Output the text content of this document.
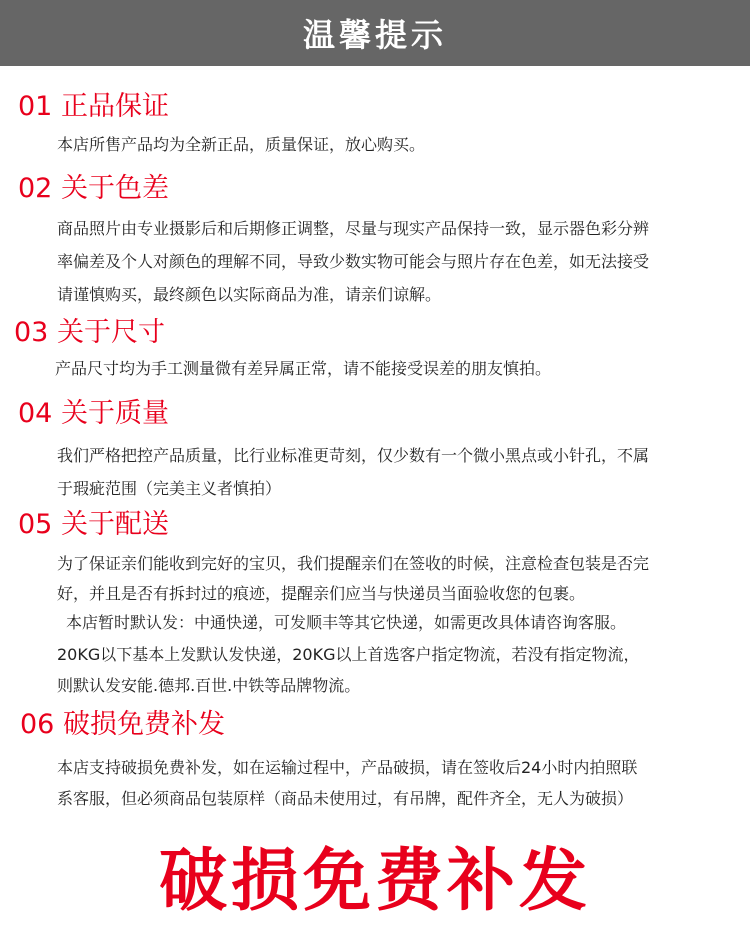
温馨提示
01 正品保证
本店所售产品均为全新正品，质量保证，放心购买。
02 关于色差
商品照片由专业摄影后和后期修正调整，尽量与现实产品保持一致，显示器色彩分辨
率偏差及个人对颜色的理解不同，导致少数实物可能会与照片存在色差，如无法接受
请谨慎购买，最终颜色以实际商品为准，请亲们谅解。
03 关于尺寸
产品尺寸均为手工测量微有差异属正常，请不能接受误差的朋友慎拍。
04 关于质量
我们严格把控产品质量，比行业标准更苛刻，仅少数有一个微小黑点或小针孔，不属
于瑕疵范围（完美主义者慎拍）
05 关于配送
为了保证亲们能收到完好的宝贝，我们提醒亲们在签收的时候，注意检查包装是否完
好，并且是否有拆封过的痕迹，提醒亲们应当与快递员当面验收您的包裹。
本店暂时默认发：中通快递，可发顺丰等其它快递，如需更改具体请咨询客服。
20KG以下基本上发默认发快递，20KG以上首选客户指定物流，若没有指定物流，
则默认发安能.德邦.百世.中铁等品牌物流。
06 破损免费补发
本店支持破损免费补发，如在运输过程中，产品破损，请在签收后24小时内拍照联
系客服，但必须商品包装原样（商品未使用过，有吊牌，配件齐全，无人为破损）
破损免费补发
